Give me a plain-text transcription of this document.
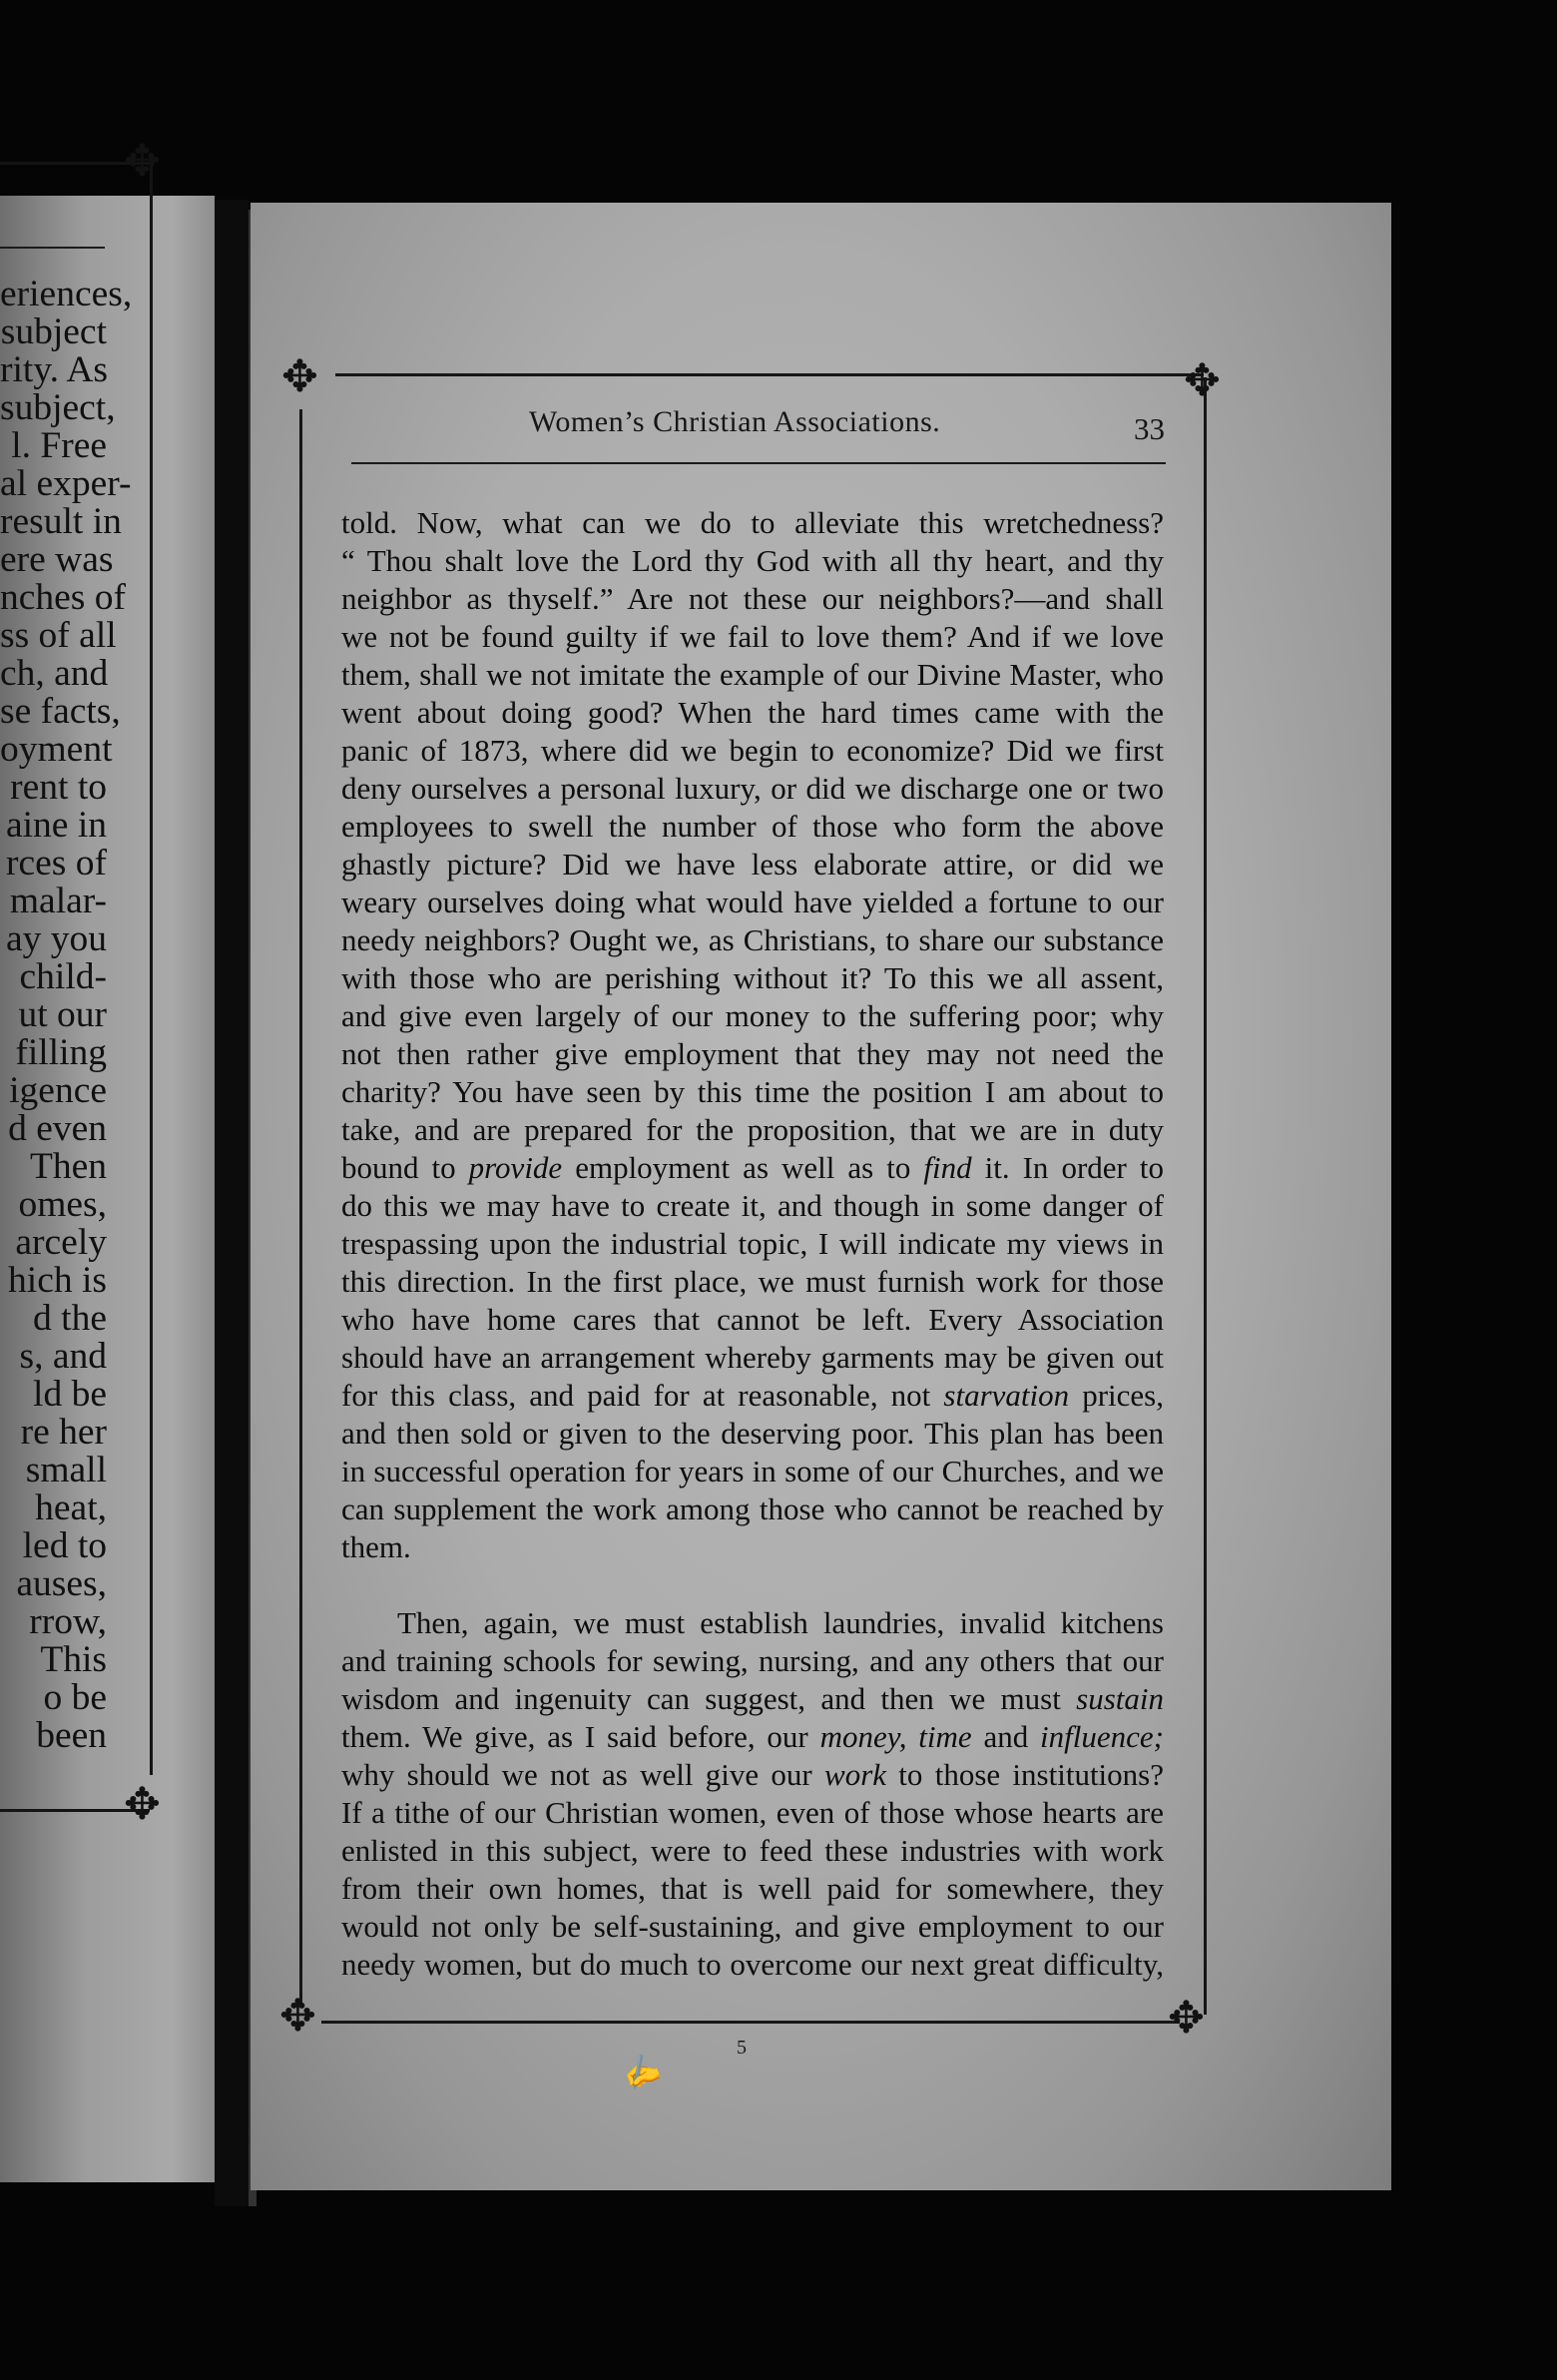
✥
✥
eriences,
subject
rity. As
subject,
l. Free
al exper-
result in
ere was
nches of
ss of all
ch, and
se facts,
oyment
rent to
aine in
rces of
malar-
ay you
child-
ut our
filling
igence
d even
Then
omes,
arcely
hich is
d the
s, and
ld be
re her
small
heat,
led to
auses,
rrow,
This
o be
been
✥	✥
✥	✥
Women’s Christian Associations.	33
told. Now, what can we do to alleviate this wretchedness?
“ Thou shalt love the Lord thy God with all thy heart, and thy
neighbor as thyself.” Are not these our neighbors?—and shall
we not be found guilty if we fail to love them? And if we love
them, shall we not imitate the example of our Divine Master, who
went about doing good? When the hard times came with the
panic of 1873, where did we begin to economize? Did we first
deny ourselves a personal luxury, or did we discharge one or two
employees to swell the number of those who form the above
ghastly picture? Did we have less elaborate attire, or did we
weary ourselves doing what would have yielded a fortune to our
needy neighbors? Ought we, as Christians, to share our substance
with those who are perishing without it? To this we all assent,
and give even largely of our money to the suffering poor; why
not then rather give employment that they may not need the
charity? You have seen by this time the position I am about to
take, and are prepared for the proposition, that we are in duty
bound to provide employment as well as to find it. In order to
do this we may have to create it, and though in some danger of
trespassing upon the industrial topic, I will indicate my views in
this direction. In the first place, we must furnish work for those
who have home cares that cannot be left. Every Association
should have an arrangement whereby garments may be given out
for this class, and paid for at reasonable, not starvation prices,
and then sold or given to the deserving poor. This plan has been
in successful operation for years in some of our Churches, and we
can supplement the work among those who cannot be reached by
them.
Then, again, we must establish laundries, invalid kitchens
and training schools for sewing, nursing, and any others that our
wisdom and ingenuity can suggest, and then we must sustain
them. We give, as I said before, our money, time and influence;
why should we not as well give our work to those institutions?
If a tithe of our Christian women, even of those whose hearts are
enlisted in this subject, were to feed these industries with work
from their own homes, that is well paid for somewhere, they
would not only be self-sustaining, and give employment to our
needy women, but do much to overcome our next great difficulty,
5
✍
